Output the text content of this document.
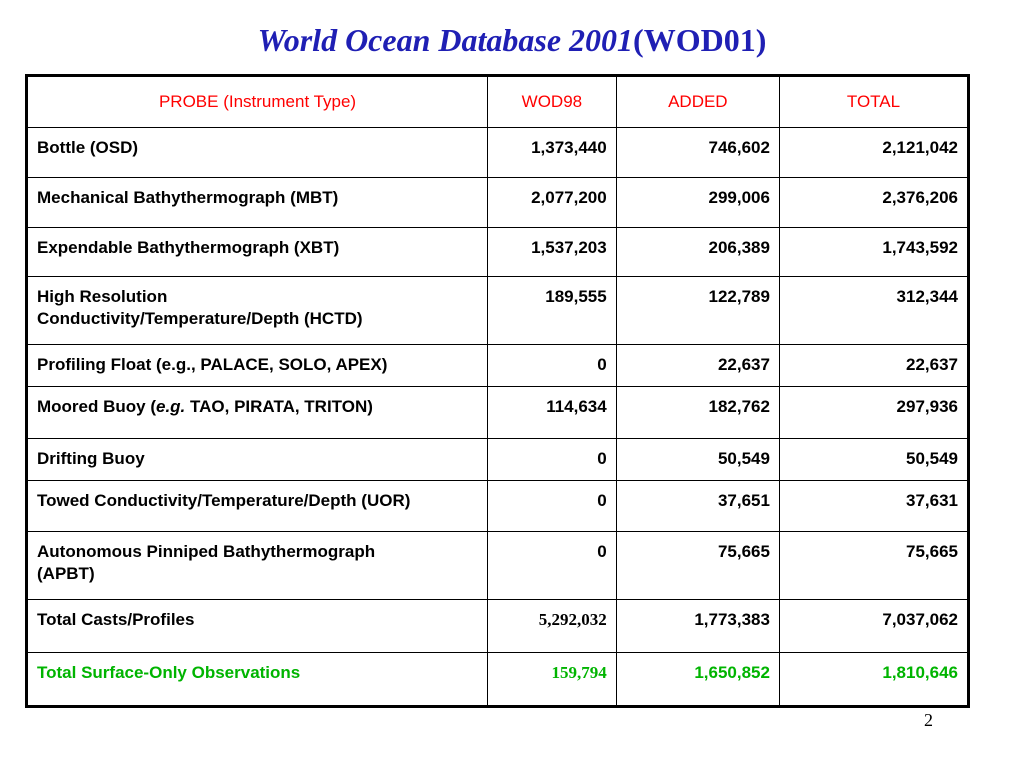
World Ocean Database 2001(WOD01)
PROBE (Instrument Type)	WOD98	ADDED	TOTAL
Bottle (OSD)	1,373,440	746,602	2,121,042
Mechanical Bathythermograph (MBT)	2,077,200	299,006	2,376,206
Expendable Bathythermograph (XBT)	1,537,203	206,389	1,743,592
High Resolution
Conductivity/Temperature/Depth (HCTD)	189,555	122,789	312,344
Profiling Float (e.g., PALACE, SOLO, APEX)	0	22,637	22,637
Moored Buoy (e.g. TAO, PIRATA, TRITON)	114,634	182,762	297,936
Drifting Buoy	0	50,549	50,549
Towed Conductivity/Temperature/Depth (UOR)	0	37,651	37,631
Autonomous Pinniped Bathythermograph
(APBT)	0	75,665	75,665
Total Casts/Profiles	5,292,032	1,773,383	7,037,062
Total Surface-Only Observations	159,794	1,650,852	1,810,646
2
